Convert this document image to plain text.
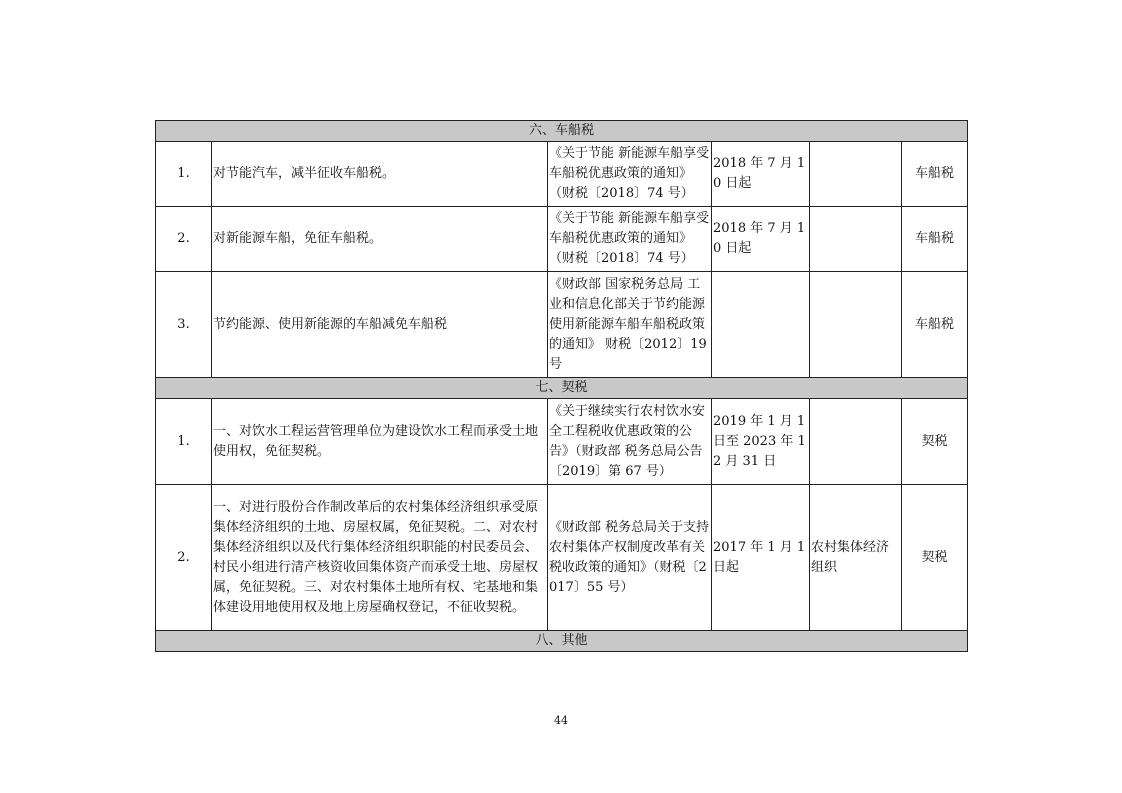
六、车船税					
1.	对节能汽车，减半征收车船税。	《关于节能 新能源车船享受车船税优惠政策的通知》（财税〔2018〕74 号）	2018 年 7 月 10 日起		车船税
2.	对新能源车船，免征车船税。	《关于节能 新能源车船享受车船税优惠政策的通知》（财税〔2018〕74 号）	2018 年 7 月 10 日起		车船税
3.	节约能源、使用新能源的车船减免车船税	《财政部 国家税务总局 工业和信息化部关于节约能源使用新能源车船车船税政策的通知》 财税〔2012〕19 号			车船税
七、契税					
1.	一、对饮水工程运营管理单位为建设饮水工程而承受土地使用权，免征契税。	《关于继续实行农村饮水安全工程税收优惠政策的公告》（财政部 税务总局公告〔2019〕第 67 号）	2019 年 1 月 1 日至 2023 年 12 月 31 日		契税
2.	一、对进行股份合作制改革后的农村集体经济组织承受原集体经济组织的土地、房屋权属，免征契税。二、对农村集体经济组织以及代行集体经济组织职能的村民委员会、村民小组进行清产核资收回集体资产而承受土地、房屋权属，免征契税。三、对农村集体土地所有权、宅基地和集体建设用地使用权及地上房屋确权登记，不征收契税。	《财政部 税务总局关于支持农村集体产权制度改革有关税收政策的通知》（财税〔2017〕55 号）	2017 年 1 月 1 日起	农村集体经济组织	契税
八、其他					
44
